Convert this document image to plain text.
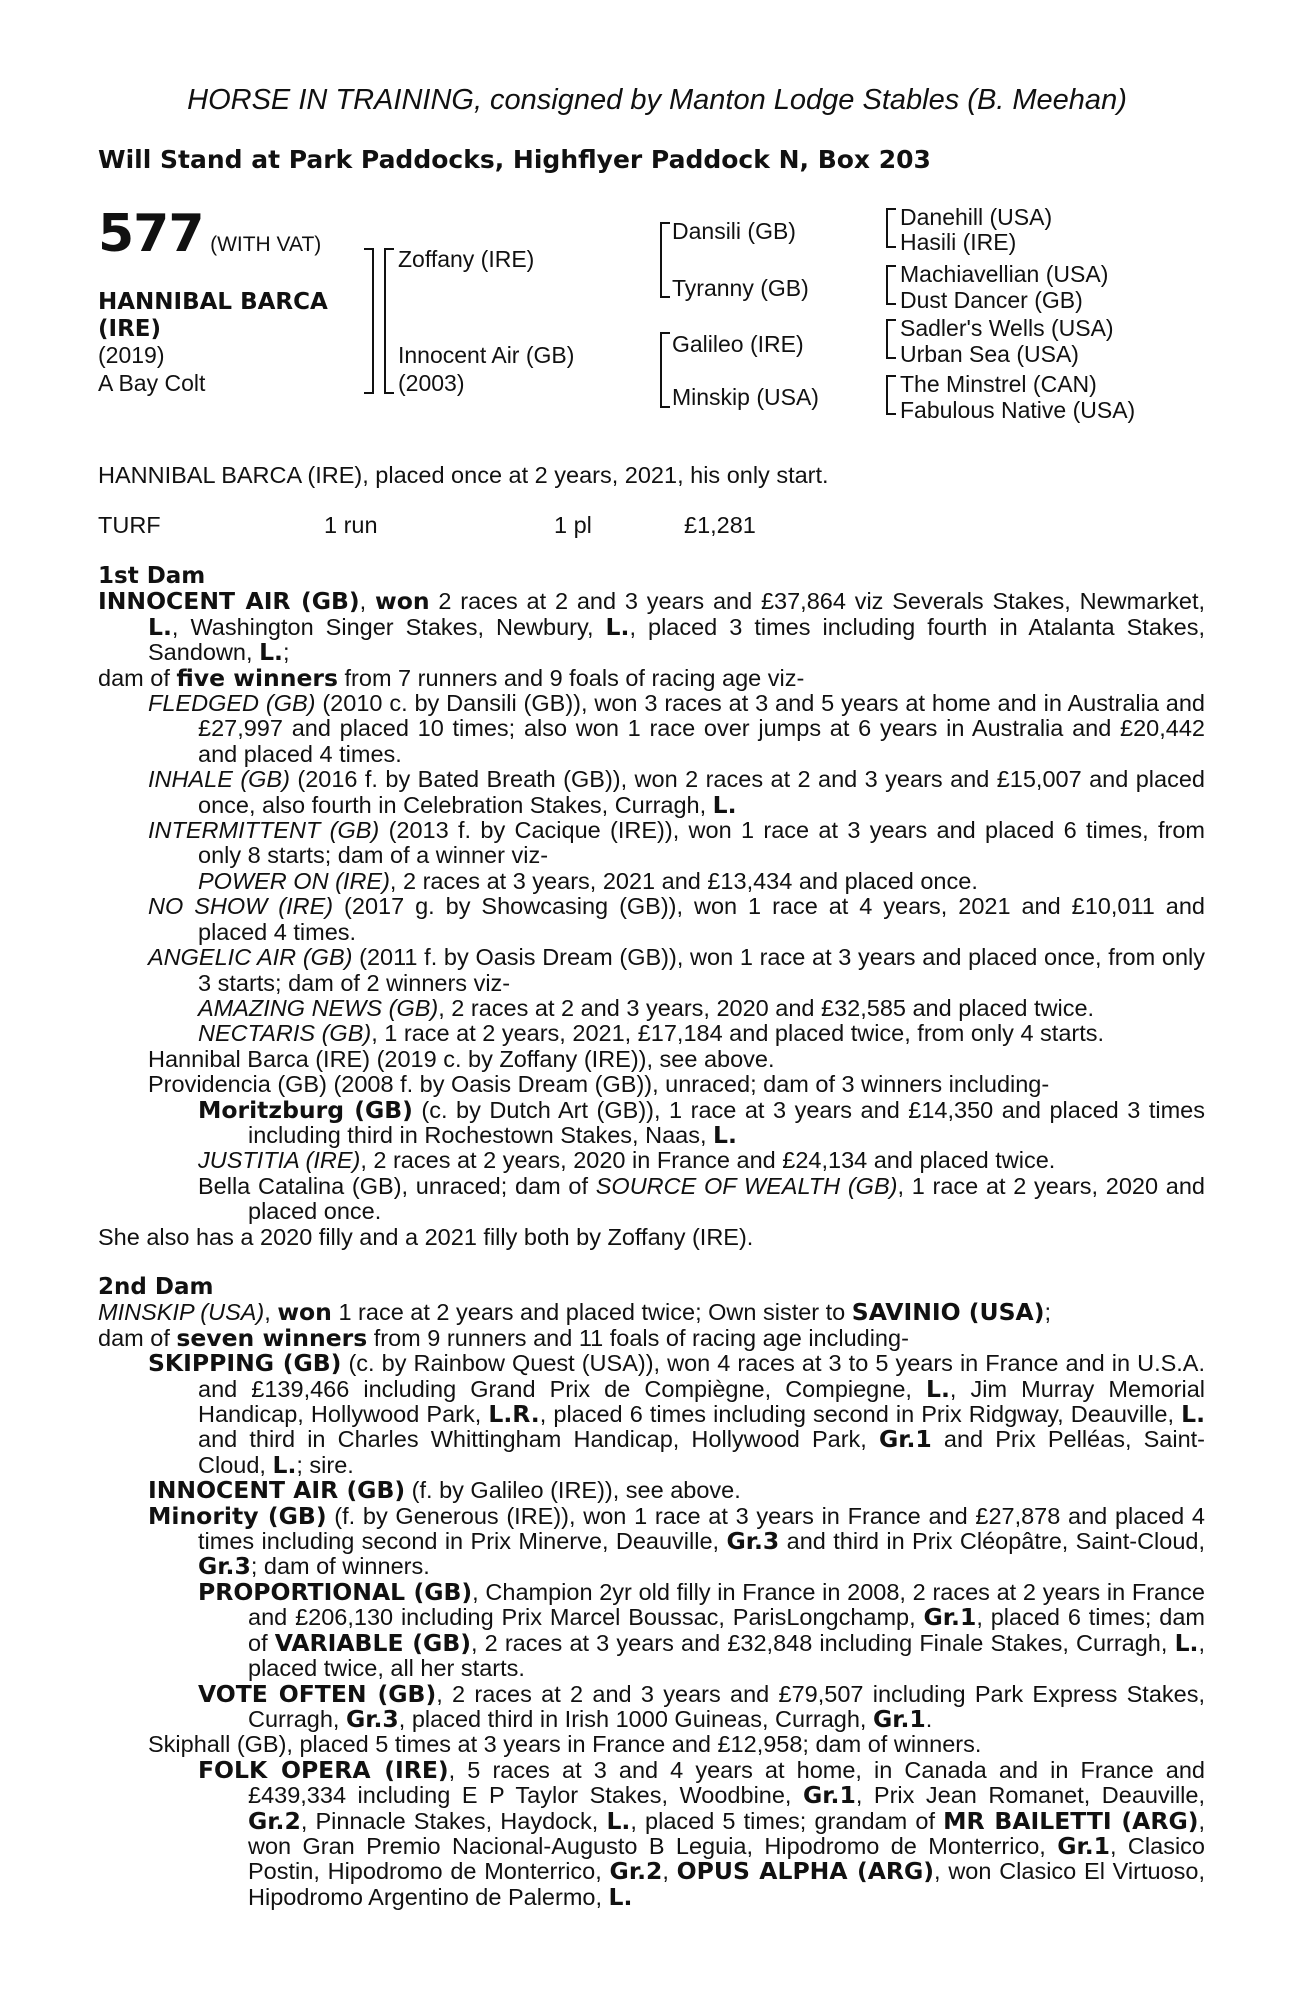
HORSE IN TRAINING, consigned by Manton Lodge Stables (B. Meehan)
Will Stand at Park Paddocks, Highflyer Paddock N, Box 203
577 (WITH VAT)
HANNIBAL BARCA
(IRE)
(2019)
A Bay Colt
Zoffany (IRE)
Innocent Air (GB)
(2003)
Dansili (GB)
Tyranny (GB)
Galileo (IRE)
Minskip (USA)
Danehill (USA)
Hasili (IRE)
Machiavellian (USA)
Dust Dancer (GB)
Sadler's Wells (USA)
Urban Sea (USA)
The Minstrel (CAN)
Fabulous Native (USA)
HANNIBAL BARCA (IRE), placed once at 2 years, 2021, his only start.
TURF	1 run	1 pl	£1,281

1st Dam

INNOCENT AIR (GB), won 2 races at 2 and 3 years and £37,864 viz Severals Stakes, Newmarket, L., Washington Singer Stakes, Newbury, L., placed 3 times including fourth in Atalanta Stakes, Sandown, L.;

dam of five winners from 7 runners and 9 foals of racing age viz-

FLEDGED (GB) (2010 c. by Dansili (GB)), won 3 races at 3 and 5 years at home and in Australia and £27,997 and placed 10 times; also won 1 race over jumps at 6 years in Australia and £20,442 and placed 4 times.

INHALE (GB) (2016 f. by Bated Breath (GB)), won 2 races at 2 and 3 years and £15,007 and placed once, also fourth in Celebration Stakes, Curragh, L.

INTERMITTENT (GB) (2013 f. by Cacique (IRE)), won 1 race at 3 years and placed 6 times, from only 8 starts; dam of a winner viz-

POWER ON (IRE), 2 races at 3 years, 2021 and £13,434 and placed once.

NO SHOW (IRE) (2017 g. by Showcasing (GB)), won 1 race at 4 years, 2021 and £10,011 and placed 4 times.

ANGELIC AIR (GB) (2011 f. by Oasis Dream (GB)), won 1 race at 3 years and placed once, from only 3 starts; dam of 2 winners viz-

AMAZING NEWS (GB), 2 races at 2 and 3 years, 2020 and £32,585 and placed twice.

NECTARIS (GB), 1 race at 2 years, 2021, £17,184 and placed twice, from only 4 starts.

Hannibal Barca (IRE) (2019 c. by Zoffany (IRE)), see above.

Providencia (GB) (2008 f. by Oasis Dream (GB)), unraced; dam of 3 winners including-

Moritzburg (GB) (c. by Dutch Art (GB)), 1 race at 3 years and £14,350 and placed 3 times including third in Rochestown Stakes, Naas, L.

JUSTITIA (IRE), 2 races at 2 years, 2020 in France and £24,134 and placed twice.

Bella Catalina (GB), unraced; dam of SOURCE OF WEALTH (GB), 1 race at 2 years, 2020 and placed once.

She also has a 2020 filly and a 2021 filly both by Zoffany (IRE).

2nd Dam

MINSKIP (USA), won 1 race at 2 years and placed twice; Own sister to SAVINIO (USA);

dam of seven winners from 9 runners and 11 foals of racing age including-

SKIPPING (GB) (c. by Rainbow Quest (USA)), won 4 races at 3 to 5 years in France and in U.S.A. and £139,466 including Grand Prix de Compiègne, Compiegne, L., Jim Murray Memorial Handicap, Hollywood Park, L.R., placed 6 times including second in Prix Ridgway, Deauville, L. and third in Charles Whittingham Handicap, Hollywood Park, Gr.1 and Prix Pelléas, Saint-Cloud, L.; sire.

INNOCENT AIR (GB) (f. by Galileo (IRE)), see above.

Minority (GB) (f. by Generous (IRE)), won 1 race at 3 years in France and £27,878 and placed 4 times including second in Prix Minerve, Deauville, Gr.3 and third in Prix Cléopâtre, Saint-Cloud, Gr.3; dam of winners.

PROPORTIONAL (GB), Champion 2yr old filly in France in 2008, 2 races at 2 years in France and £206,130 including Prix Marcel Boussac, ParisLongchamp, Gr.1, placed 6 times; dam of VARIABLE (GB), 2 races at 3 years and £32,848 including Finale Stakes, Curragh, L., placed twice, all her starts.

VOTE OFTEN (GB), 2 races at 2 and 3 years and £79,507 including Park Express Stakes, Curragh, Gr.3, placed third in Irish 1000 Guineas, Curragh, Gr.1.

Skiphall (GB), placed 5 times at 3 years in France and £12,958; dam of winners.

FOLK OPERA (IRE), 5 races at 3 and 4 years at home, in Canada and in France and £439,334 including E P Taylor Stakes, Woodbine, Gr.1, Prix Jean Romanet, Deauville, Gr.2, Pinnacle Stakes, Haydock, L., placed 5 times; grandam of MR BAILETTI (ARG), won Gran Premio Nacional-Augusto B Leguia, Hipodromo de Monterrico, Gr.1, Clasico Postin, Hipodromo de Monterrico, Gr.2, OPUS ALPHA (ARG), won Clasico El Virtuoso, Hipodromo Argentino de Palermo, L.
